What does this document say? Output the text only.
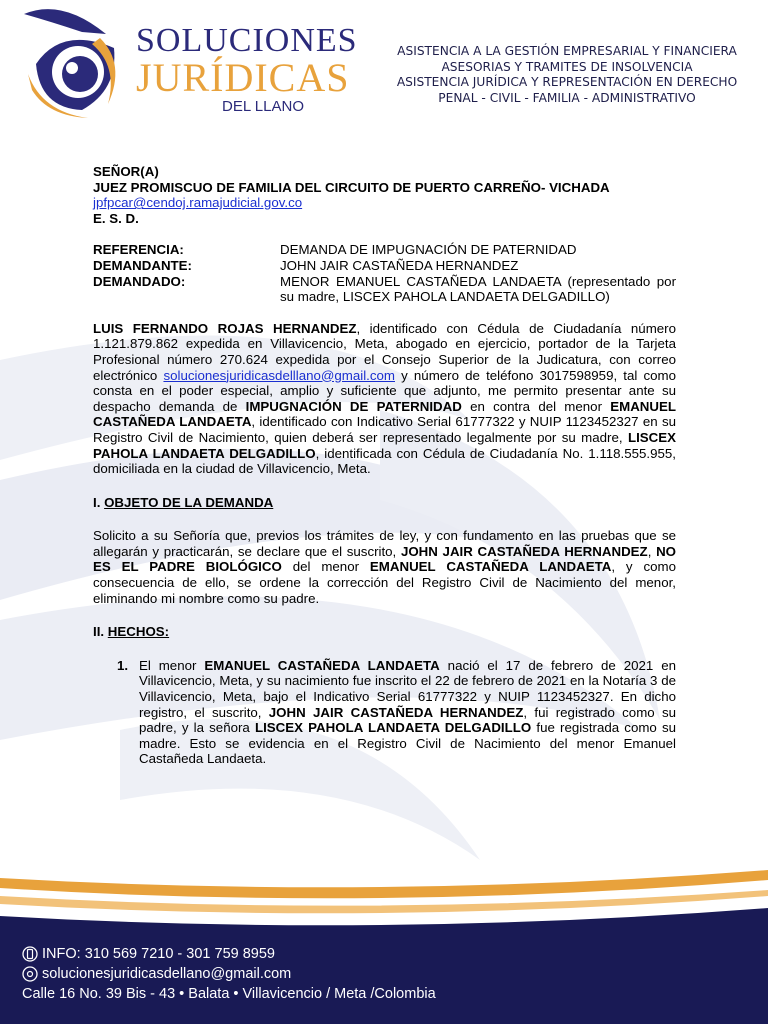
SOLUCIONES
JURÍDICAS
DEL LLANO
ASISTENCIA A LA GESTIÓN EMPRESARIAL Y FINANCIERA
ASESORIAS Y TRAMITES DE INSOLVENCIA
ASISTENCIA JURÍDICA Y REPRESENTACIÓN EN DERECHO
PENAL - CIVIL - FAMILIA - ADMINISTRATIVO
SEÑOR(A)
JUEZ PROMISCUO DE FAMILIA DEL CIRCUITO DE PUERTO CARREÑO- VICHADA
jpfpcar@cendoj.ramajudicial.gov.co
E. S. D.
REFERENCIA:	DEMANDA DE IMPUGNACIÓN DE PATERNIDAD
DEMANDANTE:	JOHN JAIR CASTAÑEDA HERNANDEZ
DEMANDADO:	MENOR EMANUEL CASTAÑEDA LANDAETA (representado por su madre, LISCEX PAHOLA LANDAETA DELGADILLO)
LUIS FERNANDO ROJAS HERNANDEZ, identificado con Cédula de Ciudadanía número 1.121.879.862 expedida en Villavicencio, Meta, abogado en ejercicio, portador de la Tarjeta Profesional número 270.624 expedida por el Consejo Superior de la Judicatura, con correo electrónico solucionesjuridicasdelllano@gmail.com y número de teléfono 3017598959, tal como consta en el poder especial, amplio y suficiente que adjunto, me permito presentar ante su despacho demanda de IMPUGNACIÓN DE PATERNIDAD en contra del menor EMANUEL CASTAÑEDA LANDAETA, identificado con Indicativo Serial 61777322 y NUIP 1123452327 en su Registro Civil de Nacimiento, quien deberá ser representado legalmente por su madre, LISCEX PAHOLA LANDAETA DELGADILLO, identificada con Cédula de Ciudadanía No. 1.118.555.955, domiciliada en la ciudad de Villavicencio, Meta.
I. OBJETO DE LA DEMANDA
Solicito a su Señoría que, previos los trámites de ley, y con fundamento en las pruebas que se allegarán y practicarán, se declare que el suscrito, JOHN JAIR CASTAÑEDA HERNANDEZ, NO ES EL PADRE BIOLÓGICO del menor EMANUEL CASTAÑEDA LANDAETA, y como consecuencia de ello, se ordene la corrección del Registro Civil de Nacimiento del menor, eliminando mi nombre como su padre.
II. HECHOS:
1. El menor EMANUEL CASTAÑEDA LANDAETA nació el 17 de febrero de 2021 en Villavicencio, Meta, y su nacimiento fue inscrito el 22 de febrero de 2021 en la Notaría 3 de Villavicencio, Meta, bajo el Indicativo Serial 61777322 y NUIP 1123452327. En dicho registro, el suscrito, JOHN JAIR CASTAÑEDA HERNANDEZ, fui registrado como su padre, y la señora LISCEX PAHOLA LANDAETA DELGADILLO fue registrada como su madre. Esto se evidencia en el Registro Civil de Nacimiento del menor Emanuel Castañeda Landaeta.
INFO: 310 569 7210 - 301 759 8959
solucionesjuridicasdellano@gmail.com
Calle 16 No. 39 Bis - 43 • Balata • Villavicencio / Meta /Colombia
